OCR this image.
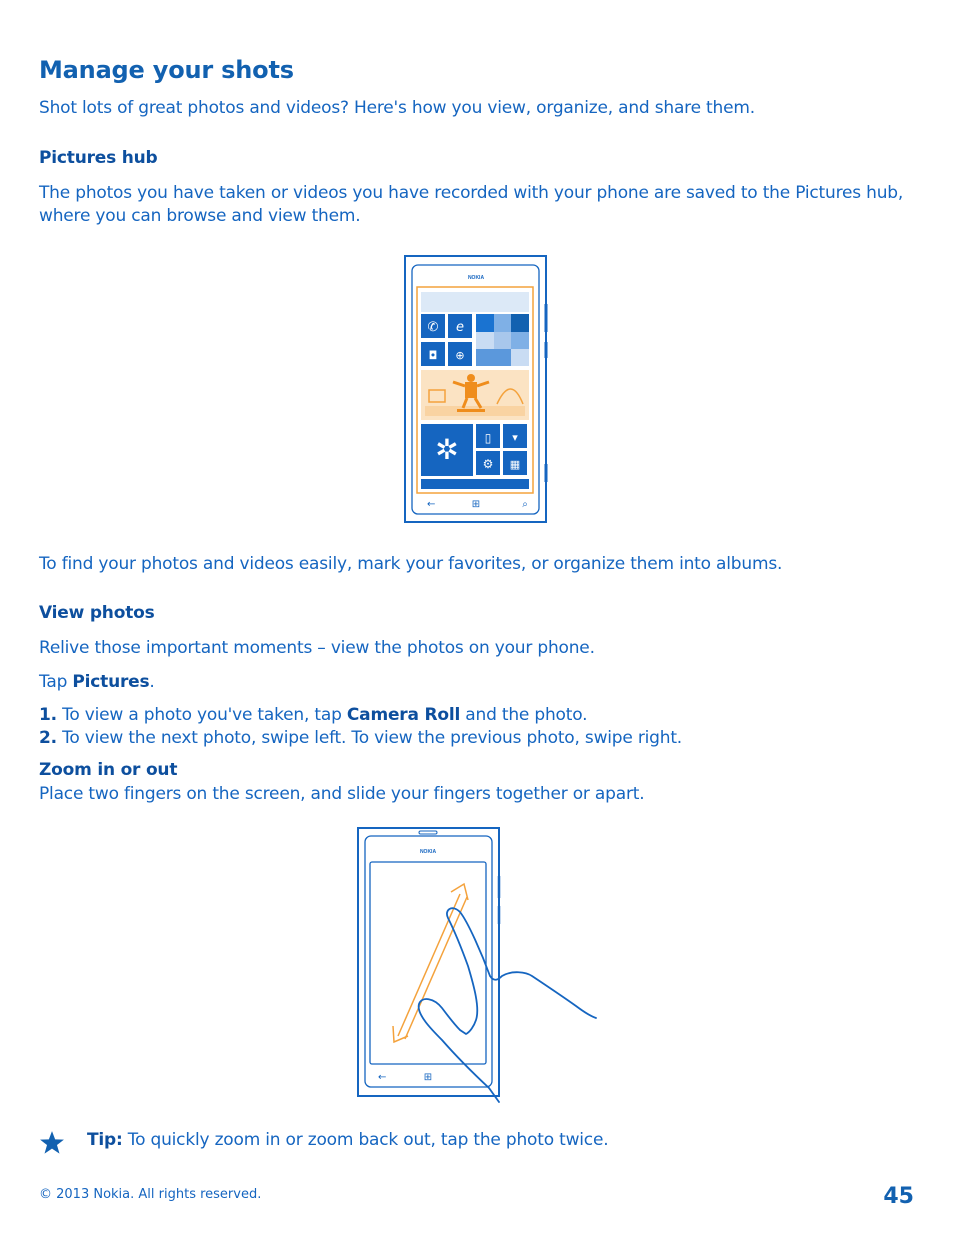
Manage your shots

Shot lots of great photos and videos? Here's how you view, organize, and share them.

Pictures hub

The photos you have taken or videos you have recorded with your phone are saved to the Pictures hub, where you can browse and view them.

NOKIA
✆ e
◘ ⊕
✲ ▯ ▾
⚙ ▦
←	⊞	⌕

To find your photos and videos easily, mark your favorites, or organize them into albums.

View photos

Relive those important moments – view the photos on your phone.

Tap Pictures.

1. To view a photo you've taken, tap Camera Roll and the photo.

2. To view the next photo, swipe left. To view the previous photo, swipe right.

Zoom in or out

Place two fingers on the screen, and slide your fingers together or apart.

NOKIA
←	⊞

Tip: To quickly zoom in or zoom back out, tap the photo twice.

© 2013 Nokia. All rights reserved.	45
